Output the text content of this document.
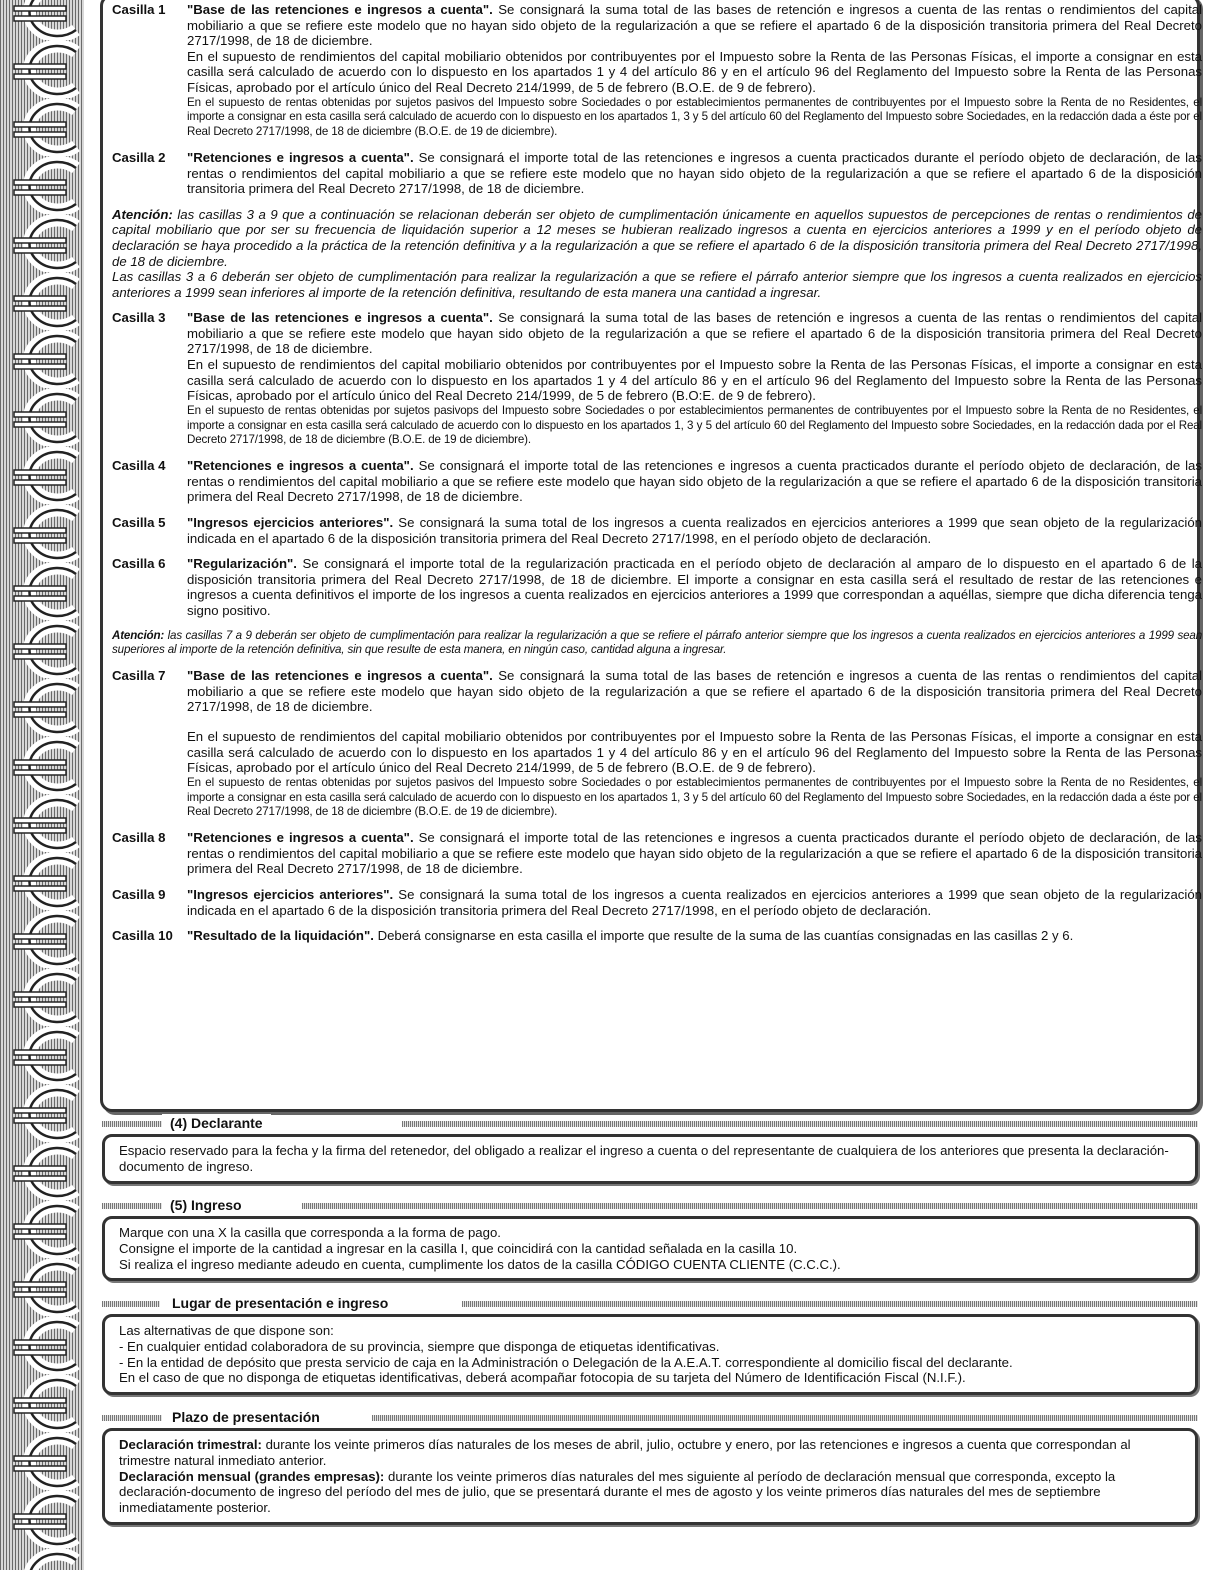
Casilla 1	"Base de las retenciones e ingresos a cuenta". Se consignará la suma total de las bases de retención e ingresos a cuenta de las rentas o rendimientos del capital mobiliario a que se refiere este modelo que no hayan sido objeto de la regularización a que se refiere el apartado 6 de la disposición transitoria primera del Real Decreto 2717/1998, de 18 de diciembre.

En el supuesto de rendimientos del capital mobiliario obtenidos por contribuyentes por el Impuesto sobre la Renta de las Personas Físicas, el importe a consignar en esta casilla será calculado de acuerdo con lo dispuesto en los apartados 1 y 4 del artículo 86 y en el artículo 96 del Reglamento del Impuesto sobre la Renta de las Personas Físicas, aprobado por el artículo único del Real Decreto 214/1999, de 5 de febrero (B.O.E. de 9 de febrero).

En el supuesto de rentas obtenidas por sujetos pasivos del Impuesto sobre Sociedades o por establecimientos permanentes de contribuyentes por el Impuesto sobre la Renta de no Residentes, el importe a consignar en esta casilla será calculado de acuerdo con lo dispuesto en los apartados 1, 3 y 5 del artículo 60 del Reglamento del Impuesto sobre Sociedades, en la redacción dada a éste por el Real Decreto 2717/1998, de 18 de diciembre (B.O.E. de 19 de diciembre).

Casilla 2	"Retenciones e ingresos a cuenta". Se consignará el importe total de las retenciones e ingresos a cuenta practicados durante el período objeto de declaración, de las rentas o rendimientos del capital mobiliario a que se refiere este modelo que no hayan sido objeto de la regularización a que se refiere el apartado 6 de la disposición transitoria primera del Real Decreto 2717/1998, de 18 de diciembre.

Atención: las casillas 3 a 9 que a continuación se relacionan deberán ser objeto de cumplimentación únicamente en aquellos supuestos de percepciones de rentas o rendimientos de capital mobiliario que por ser su frecuencia de liquidación superior a 12 meses se hubieran realizado ingresos a cuenta en ejercicios anteriores a 1999 y en el período objeto de declaración se haya procedido a la práctica de la retención definitiva y a la regularización a que se refiere el apartado 6 de la disposición transitoria primera del Real Decreto 2717/1998, de 18 de diciembre.

Las casillas 3 a 6 deberán ser objeto de cumplimentación para realizar la regularización a que se refiere el párrafo anterior siempre que los ingresos a cuenta realizados en ejercicios anteriores a 1999 sean inferiores al importe de la retención definitiva, resultando de esta manera una cantidad a ingresar.

Casilla 3	"Base de las retenciones e ingresos a cuenta". Se consignará la suma total de las bases de retención e ingresos a cuenta de las rentas o rendimientos del capital mobiliario a que se refiere este modelo que hayan sido objeto de la regularización a que se refiere el apartado 6 de la disposición transitoria primera del Real Decreto 2717/1998, de 18 de diciembre.

En el supuesto de rendimientos del capital mobiliario obtenidos por contribuyentes por el Impuesto sobre la Renta de las Personas Físicas, el importe a consignar en esta casilla será calculado de acuerdo con lo dispuesto en los apartados 1 y 4 del artículo 86 y en el artículo 96 del Reglamento del Impuesto sobre la Renta de las Personas Físicas, aprobado por el artículo único del Real Decreto 214/1999, de 5 de febrero (B.O:E. de 9 de febrero).

En el supuesto de rentas obtenidas por sujetos pasivops del Impuesto sobre Sociedades o por establecimientos permanentes de contribuyentes por el Impuesto sobre la Renta de no Residentes, el importe a consignar en esta casilla será calculado de acuerdo con lo dispuesto en los apartados 1, 3 y 5 del artículo 60 del Reglamento del Impuesto sobre Sociedades, en la redacción dada por el Real Decreto 2717/1998, de 18 de diciembre (B.O.E. de 19 de diciembre).

Casilla 4	"Retenciones e ingresos a cuenta". Se consignará el importe total de las retenciones e ingresos a cuenta practicados durante el período objeto de declaración, de las rentas o rendimientos del capital mobiliario a que se refiere este modelo que hayan sido objeto de la regularización a que se refiere el apartado 6 de la disposición transitoria primera del Real Decreto 2717/1998, de 18 de diciembre.

Casilla 5	"Ingresos ejercicios anteriores". Se consignará la suma total de los ingresos a cuenta realizados en ejercicios anteriores a 1999 que sean objeto de la regularización indicada en el apartado 6 de la disposición transitoria primera del Real Decreto 2717/1998, en el período objeto de declaración.

Casilla 6	"Regularización". Se consignará el importe total de la regularización practicada en el período objeto de declaración al amparo de lo dispuesto en el apartado 6 de la disposición transitoria primera del Real Decreto 2717/1998, de 18 de diciembre. El importe a consignar en esta casilla será el resultado de restar de las retenciones e ingresos a cuenta definitivos el importe de los ingresos a cuenta realizados en ejercicios anteriores a 1999 que correspondan a aquéllas, siempre que dicha diferencia tenga signo positivo.

Atención: las casillas 7 a 9 deberán ser objeto de cumplimentación para realizar la regularización a que se refiere el párrafo anterior siempre que los ingresos a cuenta realizados en ejercicios anteriores a 1999 sean superiores al importe de la retención definitiva, sin que resulte de esta manera, en ningún caso, cantidad alguna a ingresar.

Casilla 7	"Base de las retenciones e ingresos a cuenta". Se consignará la suma total de las bases de retención e ingresos a cuenta de las rentas o rendimientos del capital mobiliario a que se refiere este modelo que hayan sido objeto de la regularización a que se refiere el apartado 6 de la disposición transitoria primera del Real Decreto 2717/1998, de 18 de diciembre.

En el supuesto de rendimientos del capital mobiliario obtenidos por contribuyentes por el Impuesto sobre la Renta de las Personas Físicas, el importe a consignar en esta casilla será calculado de acuerdo con lo dispuesto en los apartados 1 y 4 del artículo 86 y en el artículo 96 del Reglamento del Impuesto sobre la Renta de las Personas Físicas, aprobado por el artículo único del Real Decreto 214/1999, de 5 de febrero (B.O.E. de 9 de febrero).

En el supuesto de rentas obtenidas por sujetos pasivos del Impuesto sobre Sociedades o por establecimientos permanentes de contribuyentes por el Impuesto sobre la Renta de no Residentes, el importe a consignar en esta casilla será calculado de acuerdo con lo dispuesto en los apartados 1, 3 y 5 del artículo 60 del Reglamento del Impuesto sobre Sociedades, en la redacción dada a éste por el Real Decreto 2717/1998, de 18 de diciembre (B.O.E. de 19 de diciembre).

Casilla 8	"Retenciones e ingresos a cuenta". Se consignará el importe total de las retenciones e ingresos a cuenta practicados durante el período objeto de declaración, de las rentas o rendimientos del capital mobiliario a que se refiere este modelo que hayan sido objeto de la regularización a que se refiere el apartado 6 de la disposición transitoria primera del Real Decreto 2717/1998, de 18 de diciembre.

Casilla 9	"Ingresos ejercicios anteriores". Se consignará la suma total de los ingresos a cuenta realizados en ejercicios anteriores a 1999 que sean objeto de la regularización indicada en el apartado 6 de la disposición transitoria primera del Real Decreto 2717/1998, en el período objeto de declaración.

Casilla 10	"Resultado de la liquidación". Deberá consignarse en esta casilla el importe que resulte de la suma de las cuantías consignadas en las casillas 2 y 6.

(4) Declarante

Espacio reservado para la fecha y la firma del retenedor, del obligado a realizar el ingreso a cuenta o del representante de cualquiera de los anteriores que presenta la declaración-documento de ingreso.

(5) Ingreso

Marque con una X la casilla que corresponda a la forma de pago.

Consigne el importe de la cantidad a ingresar en la casilla I, que coincidirá con la cantidad señalada en la casilla 10.

Si realiza el ingreso mediante adeudo en cuenta, cumplimente los datos de la casilla CÓDIGO CUENTA CLIENTE (C.C.C.).

Lugar de presentación e ingreso

Las alternativas de que dispone son:

- En cualquier entidad colaboradora de su provincia, siempre que disponga de etiquetas identificativas.

- En la entidad de depósito que presta servicio de caja en la Administración o Delegación de la A.E.A.T. correspondiente al domicilio fiscal del declarante.

En el caso de que no disponga de etiquetas identificativas, deberá acompañar fotocopia de su tarjeta del Número de Identificación Fiscal (N.I.F.).

Plazo de presentación

Declaración trimestral: durante los veinte primeros días naturales de los meses de abril, julio, octubre y enero, por las retenciones e ingresos a cuenta que correspondan al trimestre natural inmediato anterior.

Declaración mensual (grandes empresas): durante los veinte primeros días naturales del mes siguiente al período de declaración mensual que corresponda, excepto la declaración-documento de ingreso del período del mes de julio, que se presentará durante el mes de agosto y los veinte primeros días naturales del mes de septiembre inmediatamente posterior.
